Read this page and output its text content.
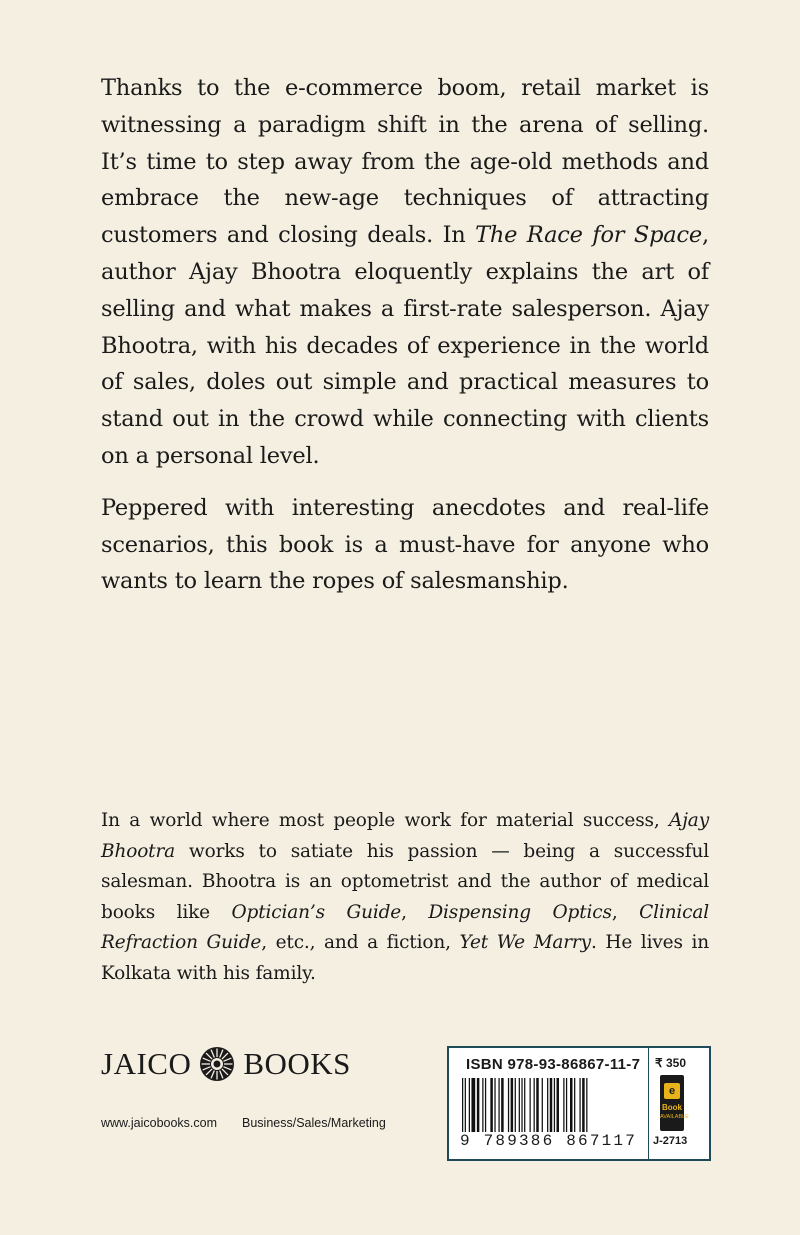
Thanks to the e-commerce boom, retail market is witnessing a paradigm shift in the arena of selling. It’s time to step away from the age-old methods and embrace the new-age techniques of attracting customers and closing deals. In The Race for Space, author Ajay Bhootra eloquently explains the art of selling and what makes a first-rate salesperson. Ajay Bhootra, with his decades of experience in the world of sales, doles out simple and practical measures to stand out in the crowd while connecting with clients on a personal level.

Peppered with interesting anecdotes and real-life scenarios, this book is a must-have for anyone who wants to learn the ropes of salesmanship.

In a world where most people work for material success, Ajay Bhootra works to satiate his passion — being a successful salesman. Bhootra is an optometrist and the author of medical books like Optician’s Guide, Dispensing Optics, Clinical Refraction Guide, etc., and a fiction, Yet We Marry. He lives in Kolkata with his family.

JAICO BOOKS
www.jaicobooks.com Business/Sales/Marketing
ISBN 978-93-86867-11-7
9 789386 867117
₹ 350
e
Book
AVAILABLE
J-2713
